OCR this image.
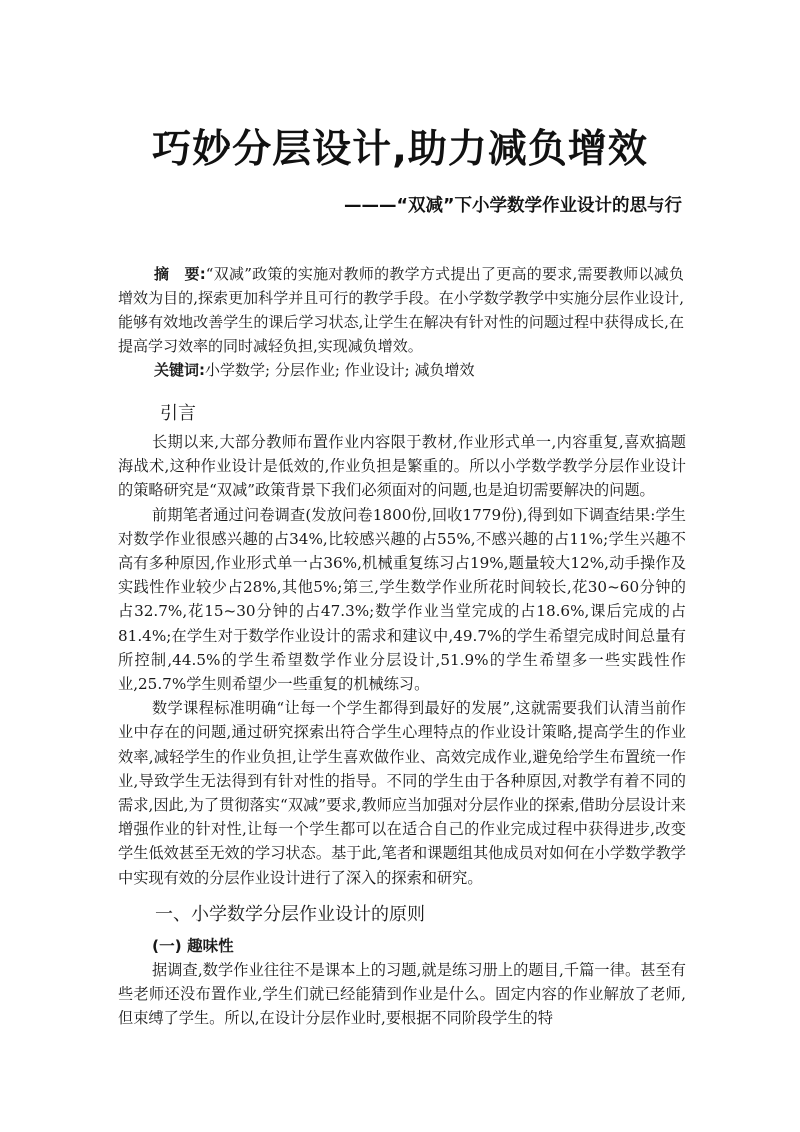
巧妙分层设计,助力减负增效
———“双减”下小学数学作业设计的思与行

摘　要:“双减”政策的实施对教师的教学方式提出了更高的要求,需要教师以减负增效为目的,探索更加科学并且可行的教学手段。在小学数学教学中实施分层作业设计,能够有效地改善学生的课后学习状态,让学生在解决有针对性的问题过程中获得成长,在提高学习效率的同时减轻负担,实现减负增效。

关键词:小学数学; 分层作业; 作业设计; 减负增效

引言

长期以来,大部分教师布置作业内容限于教材,作业形式单一,内容重复,喜欢搞题海战术,这种作业设计是低效的,作业负担是繁重的。所以小学数学教学分层作业设计的策略研究是“双减”政策背景下我们必须面对的问题,也是迫切需要解决的问题。

前期笔者通过问卷调查(发放问卷1800份,回收1779份),得到如下调查结果:学生对数学作业很感兴趣的占34%,比较感兴趣的占55%,不感兴趣的占11%;学生兴趣不高有多种原因,作业形式单一占36%,机械重复练习占19%,题量较大12%,动手操作及实践性作业较少占28%,其他5%;第三,学生数学作业所花时间较长,花30~60分钟的占32.7%,花15~30分钟的占47.3%;数学作业当堂完成的占18.6%,课后完成的占81.4%;在学生对于数学作业设计的需求和建议中,49.7%的学生希望完成时间总量有所控制,44.5%的学生希望数学作业分层设计,51.9%的学生希望多一些实践性作业,25.7%学生则希望少一些重复的机械练习。

数学课程标准明确“让每一个学生都得到最好的发展”,这就需要我们认清当前作业中存在的问题,通过研究探索出符合学生心理特点的作业设计策略,提高学生的作业效率,减轻学生的作业负担,让学生喜欢做作业、高效完成作业,避免给学生布置统一作业,导致学生无法得到有针对性的指导。不同的学生由于各种原因,对教学有着不同的需求,因此,为了贯彻落实“双减”要求,教师应当加强对分层作业的探索,借助分层设计来增强作业的针对性,让每一个学生都可以在适合自己的作业完成过程中获得进步,改变学生低效甚至无效的学习状态。基于此,笔者和课题组其他成员对如何在小学数学教学中实现有效的分层作业设计进行了深入的探索和研究。

一、小学数学分层作业设计的原则
(一) 趣味性

据调查,数学作业往往不是课本上的习题,就是练习册上的题目,千篇一律。甚至有些老师还没布置作业,学生们就已经能猜到作业是什么。固定内容的作业解放了老师,但束缚了学生。所以,在设计分层作业时,要根据不同阶段学生的特
